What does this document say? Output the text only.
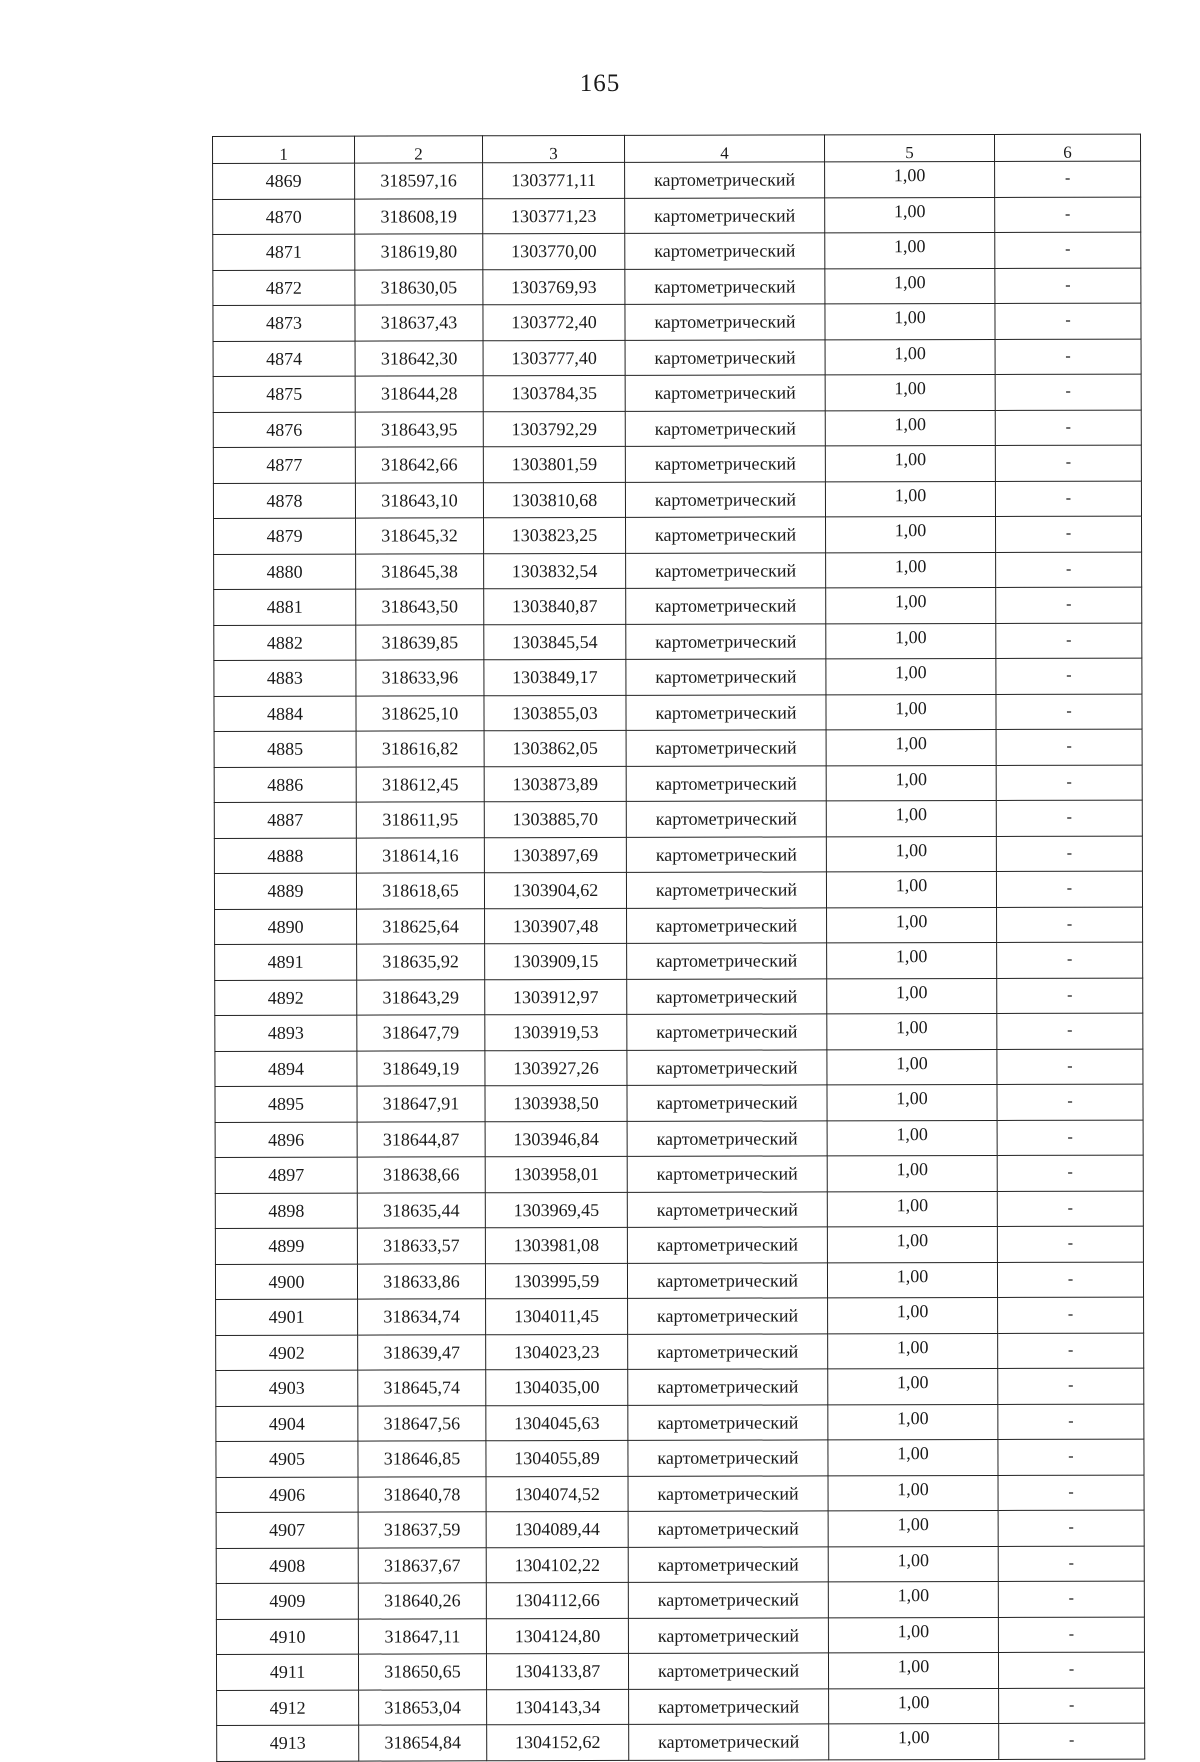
165
1	2	3	4	5	6
4869	318597,16	1303771,11	картометрический	1,00	-
4870	318608,19	1303771,23	картометрический	1,00	-
4871	318619,80	1303770,00	картометрический	1,00	-
4872	318630,05	1303769,93	картометрический	1,00	-
4873	318637,43	1303772,40	картометрический	1,00	-
4874	318642,30	1303777,40	картометрический	1,00	-
4875	318644,28	1303784,35	картометрический	1,00	-
4876	318643,95	1303792,29	картометрический	1,00	-
4877	318642,66	1303801,59	картометрический	1,00	-
4878	318643,10	1303810,68	картометрический	1,00	-
4879	318645,32	1303823,25	картометрический	1,00	-
4880	318645,38	1303832,54	картометрический	1,00	-
4881	318643,50	1303840,87	картометрический	1,00	-
4882	318639,85	1303845,54	картометрический	1,00	-
4883	318633,96	1303849,17	картометрический	1,00	-
4884	318625,10	1303855,03	картометрический	1,00	-
4885	318616,82	1303862,05	картометрический	1,00	-
4886	318612,45	1303873,89	картометрический	1,00	-
4887	318611,95	1303885,70	картометрический	1,00	-
4888	318614,16	1303897,69	картометрический	1,00	-
4889	318618,65	1303904,62	картометрический	1,00	-
4890	318625,64	1303907,48	картометрический	1,00	-
4891	318635,92	1303909,15	картометрический	1,00	-
4892	318643,29	1303912,97	картометрический	1,00	-
4893	318647,79	1303919,53	картометрический	1,00	-
4894	318649,19	1303927,26	картометрический	1,00	-
4895	318647,91	1303938,50	картометрический	1,00	-
4896	318644,87	1303946,84	картометрический	1,00	-
4897	318638,66	1303958,01	картометрический	1,00	-
4898	318635,44	1303969,45	картометрический	1,00	-
4899	318633,57	1303981,08	картометрический	1,00	-
4900	318633,86	1303995,59	картометрический	1,00	-
4901	318634,74	1304011,45	картометрический	1,00	-
4902	318639,47	1304023,23	картометрический	1,00	-
4903	318645,74	1304035,00	картометрический	1,00	-
4904	318647,56	1304045,63	картометрический	1,00	-
4905	318646,85	1304055,89	картометрический	1,00	-
4906	318640,78	1304074,52	картометрический	1,00	-
4907	318637,59	1304089,44	картометрический	1,00	-
4908	318637,67	1304102,22	картометрический	1,00	-
4909	318640,26	1304112,66	картометрический	1,00	-
4910	318647,11	1304124,80	картометрический	1,00	-
4911	318650,65	1304133,87	картометрический	1,00	-
4912	318653,04	1304143,34	картометрический	1,00	-
4913	318654,84	1304152,62	картометрический	1,00	-
